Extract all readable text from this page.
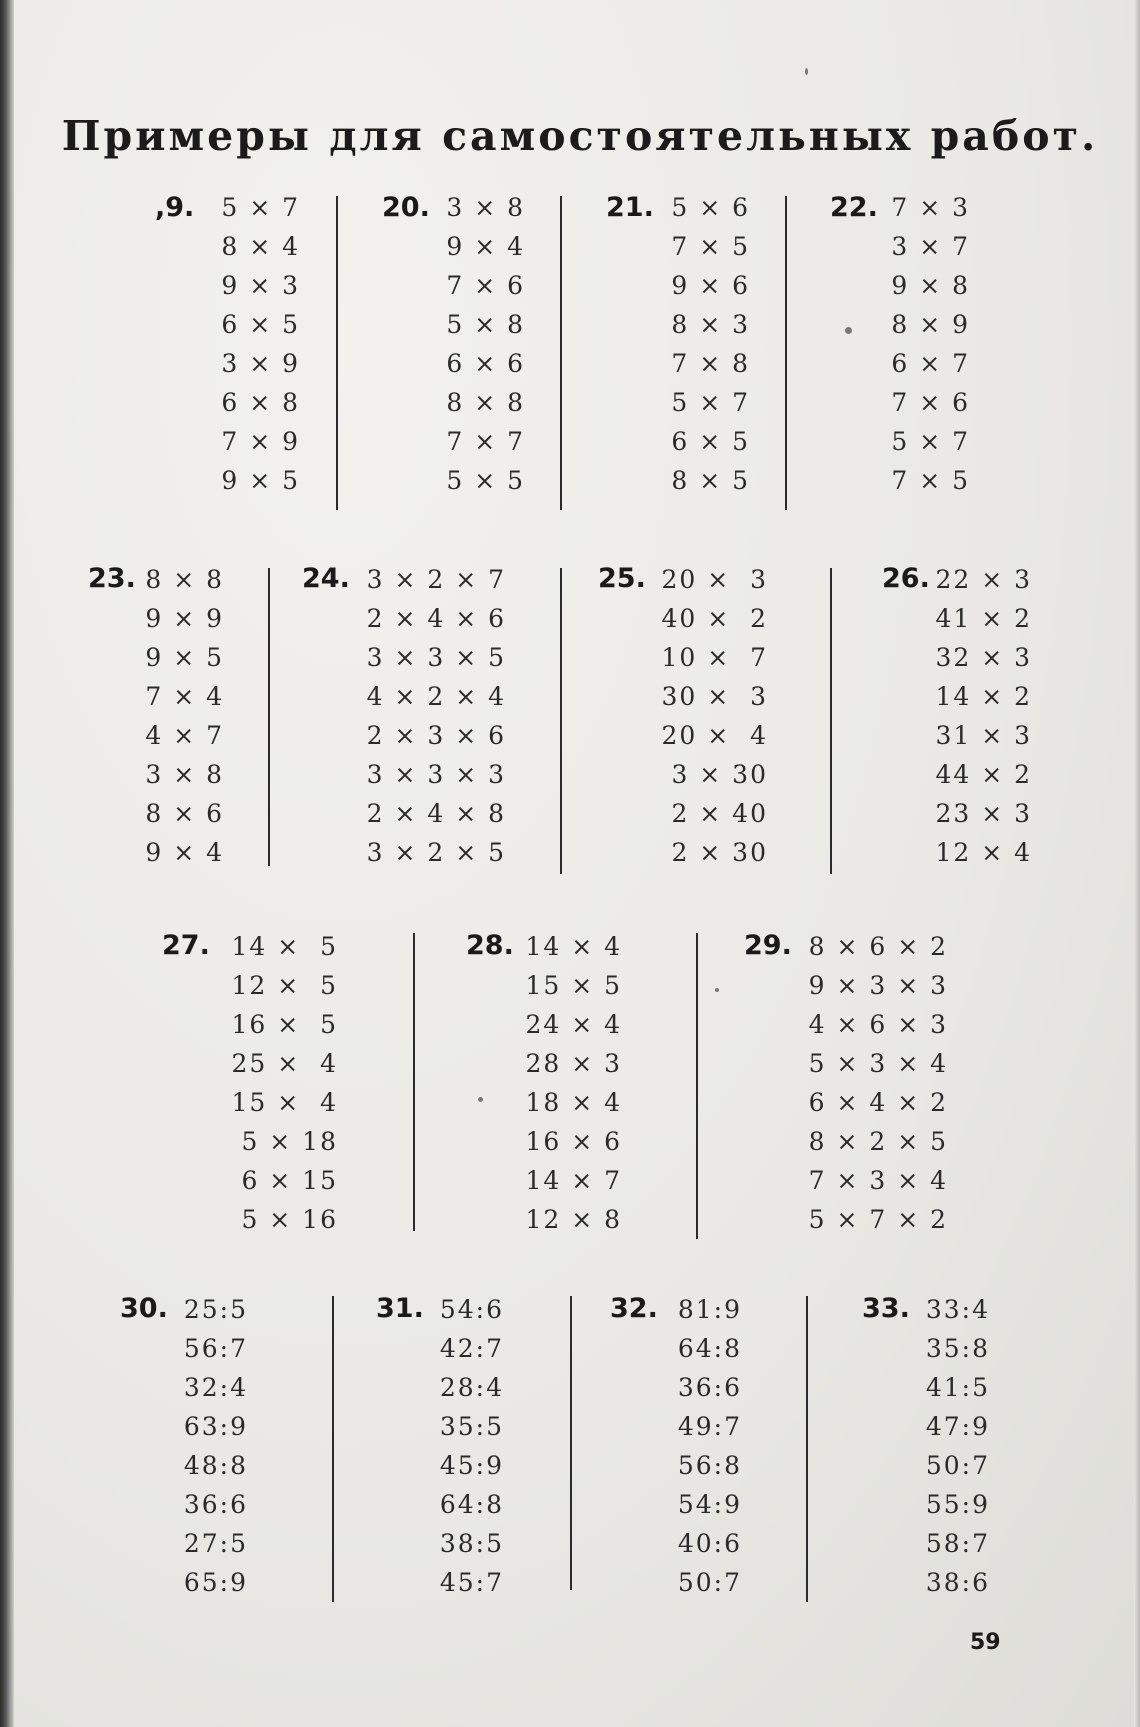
Примеры для самостоятельных работ.
,9.	5 × 7
8 × 4
9 × 3
6 × 5
3 × 9
6 × 8
7 × 9
9 × 5
20. 3 × 8
9 × 4
7 × 6
5 × 8
6 × 6
8 × 8
7 × 7
5 × 5
21. 5 × 6
7 × 5
9 × 6
8 × 3
7 × 8
5 × 7
6 × 5
8 × 5
22. 7 × 3
3 × 7
9 × 8
8 × 9
6 × 7
7 × 6
5 × 7
7 × 5
23. 8 × 8
9 × 9
9 × 5
7 × 4
4 × 7
3 × 8
8 × 6
9 × 4
24. 3 × 2 × 7
2 × 4 × 6
3 × 3 × 5
4 × 2 × 4
2 × 3 × 6
3 × 3 × 3
2 × 4 × 8
3 × 2 × 5
25. 20 ×  3
40 ×  2
10 ×  7
30 ×  3
20 ×  4
3 × 30
2 × 40
2 × 30
26. 22 × 3
41 × 2
32 × 3
14 × 2
31 × 3
44 × 2
23 × 3
12 × 4
27. 14 ×  5
12 ×  5
16 ×  5
25 ×  4
15 ×  4
5 × 18
6 × 15
5 × 16
28. 14 × 4
15 × 5
24 × 4
28 × 3
18 × 4
16 × 6
14 × 7
12 × 8
29. 8 × 6 × 2
9 × 3 × 3
4 × 6 × 3
5 × 3 × 4
6 × 4 × 2
8 × 2 × 5
7 × 3 × 4
5 × 7 × 2
30. 25:5
56:7
32:4
63:9
48:8
36:6
27:5
65:9
31. 54:6
42:7
28:4
35:5
45:9
64:8
38:5
45:7
32. 81:9
64:8
36:6
49:7
56:8
54:9
40:6
50:7
33. 33:4
35:8
41:5
47:9
50:7
55:9
58:7
38:6
59
